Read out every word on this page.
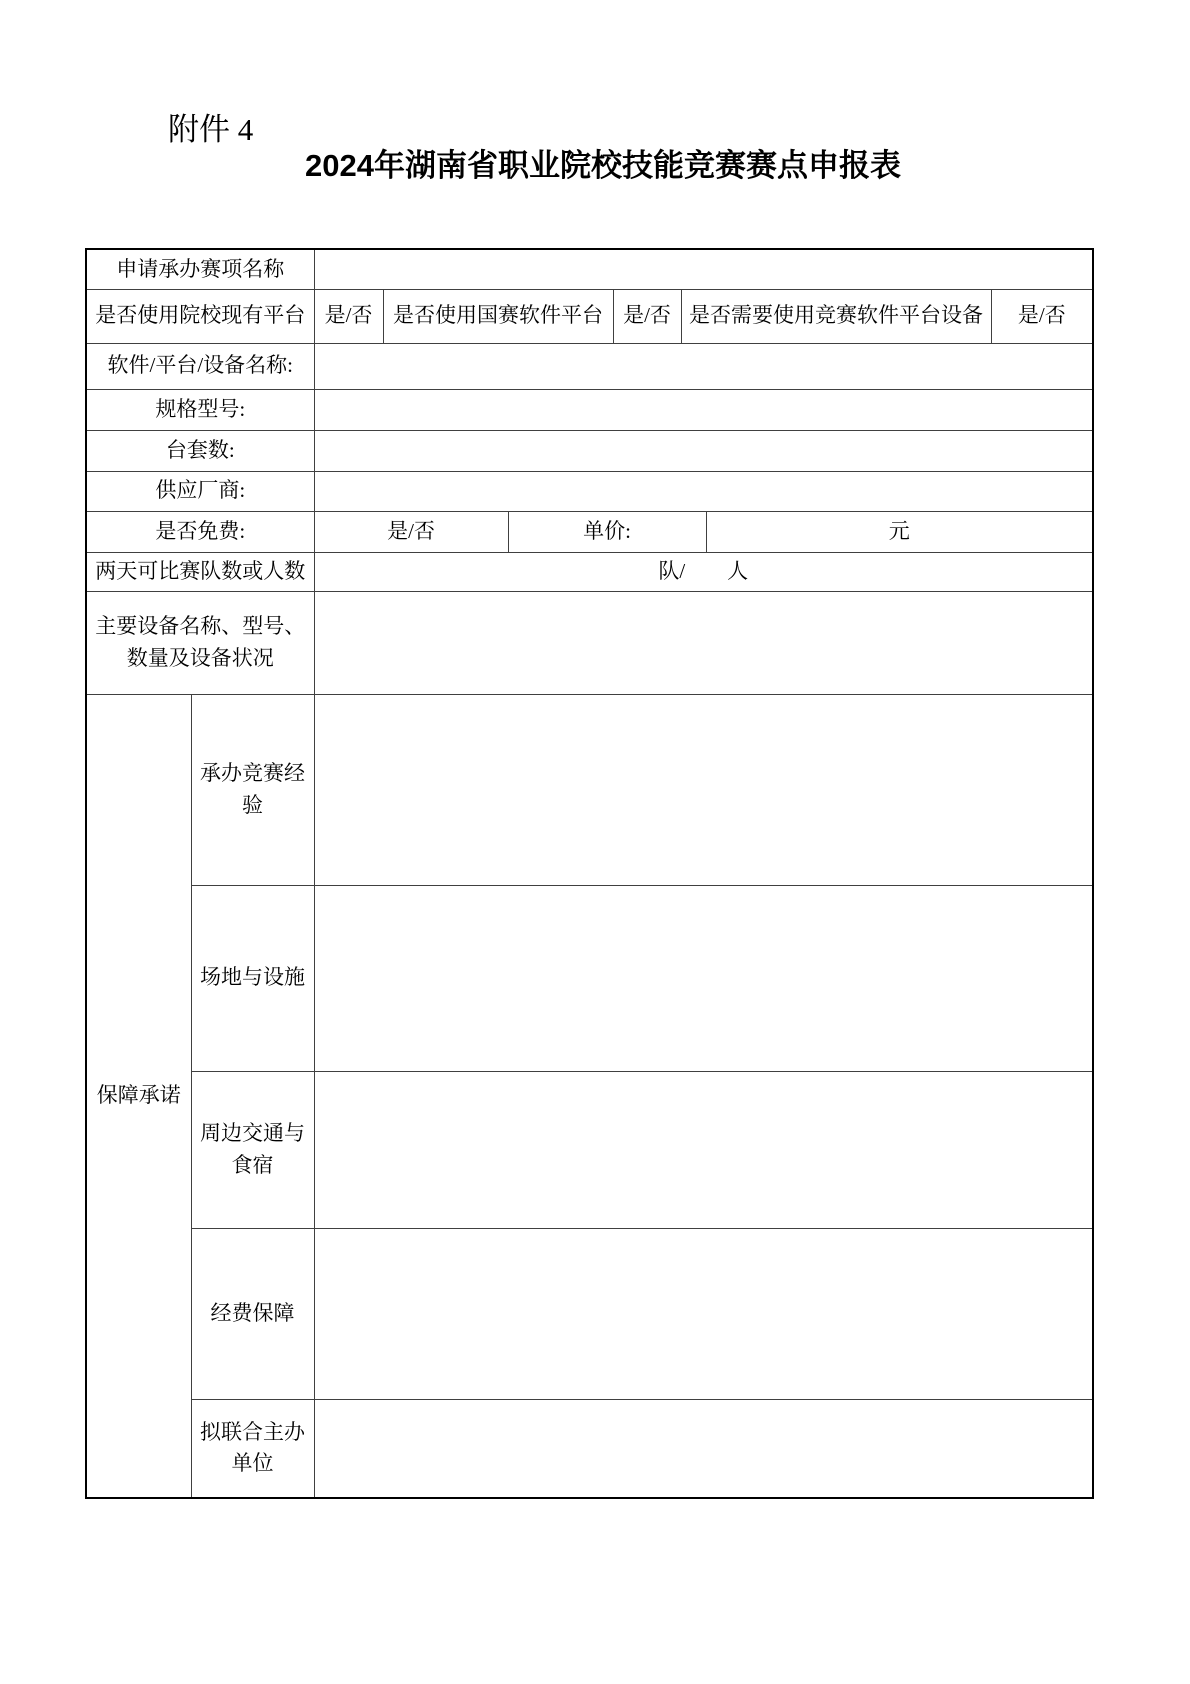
附件 4
2024年湖南省职业院校技能竞赛赛点申报表
申请承办赛项名称								
是否使用院校现有平台		是/否	是否使用国赛软件平台		是/否	是否需要使用竞赛软件平台设备		是/否
软件/平台/设备名称:								
规格型号:								
台套数:								
供应厂商:								
是否免费:		是/否		单价:			元	
两天可比赛队数或人数		队/　　人						
主要设备名称、型号、数量及设备状况								
保障承诺	承办竞赛经验							
	场地与设施							
	周边交通与食宿							
	经费保障							
	拟联合主办单位							
